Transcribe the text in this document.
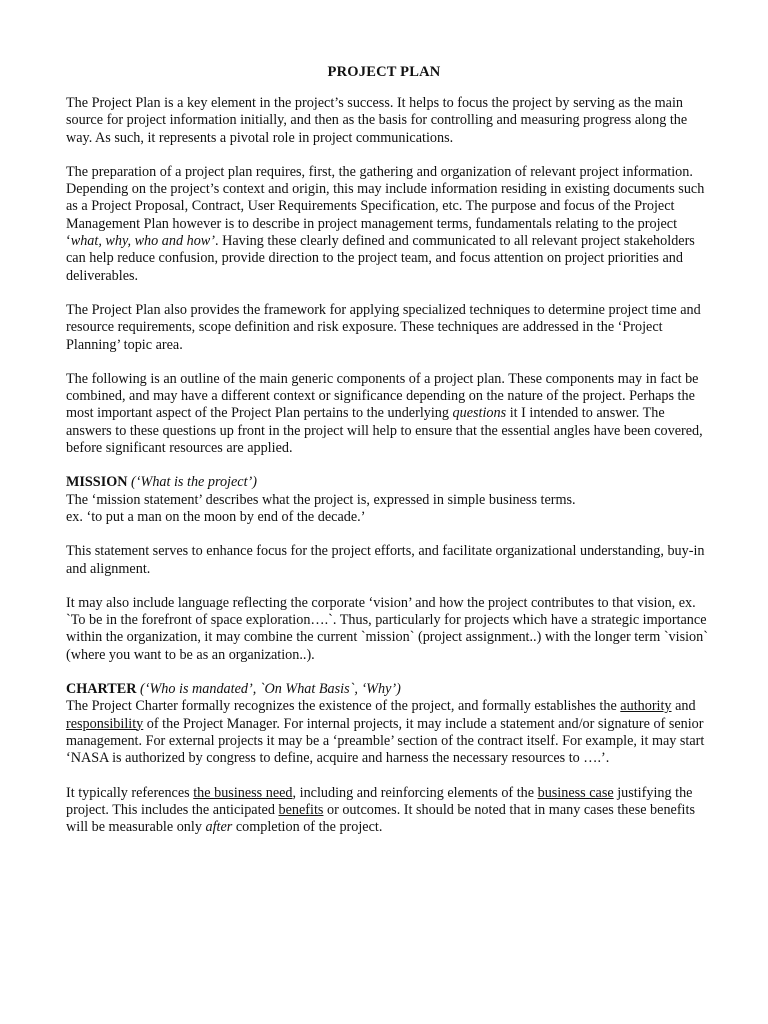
PROJECT PLAN

The Project Plan is a key element in the project’s success. It helps to focus the project by serving as the main source for project information initially, and then as the basis for controlling and measuring progress along the way. As such, it represents a pivotal role in project communications.

The preparation of a project plan requires, first, the gathering and organization of relevant project information. Depending on the project’s context and origin, this may include information residing in existing documents such as a Project Proposal, Contract, User Requirements Specification, etc. The purpose and focus of the Project Management Plan however is to describe in project management terms, fundamentals relating to the project ‘what, why, who and how’. Having these clearly defined and communicated to all relevant project stakeholders can help reduce confusion, provide direction to the project team, and focus attention on project priorities and deliverables.

The Project Plan also provides the framework for applying specialized techniques to determine project time and resource requirements, scope definition and risk exposure. These techniques are addressed in the ‘Project Planning’ topic area.

The following is an outline of the main generic components of a project plan. These components may in fact be combined, and may have a different context or significance depending on the nature of the project. Perhaps the most important aspect of the Project Plan pertains to the underlying questions it I intended to answer. The answers to these questions up front in the project will help to ensure that the essential angles have been covered, before significant resources are applied.

MISSION (‘What is the project’)
The ‘mission statement’ describes what the project is, expressed in simple business terms.
ex. ‘to put a man on the moon by end of the decade.’

This statement serves to enhance focus for the project efforts, and facilitate organizational understanding, buy-in and alignment.

It may also include language reflecting the corporate ‘vision’ and how the project contributes to that vision, ex. `To be in the forefront of space exploration….`. Thus, particularly for projects which have a strategic importance within the organization, it may combine the current `mission` (project assignment..) with the longer term `vision` (where you want to be as an organization..).

CHARTER (‘Who is mandated’, `On What Basis`, ‘Why’)
The Project Charter formally recognizes the existence of the project, and formally establishes the authority and responsibility of the Project Manager. For internal projects, it may include a statement and/or signature of senior management. For external projects it may be a ‘preamble’ section of the contract itself. For example, it may start ‘NASA is authorized by congress to define, acquire and harness the necessary resources to ….’.

It typically references the business need, including and reinforcing elements of the business case justifying the project. This includes the anticipated benefits or outcomes. It should be noted that in many cases these benefits will be measurable only after completion of the project.
